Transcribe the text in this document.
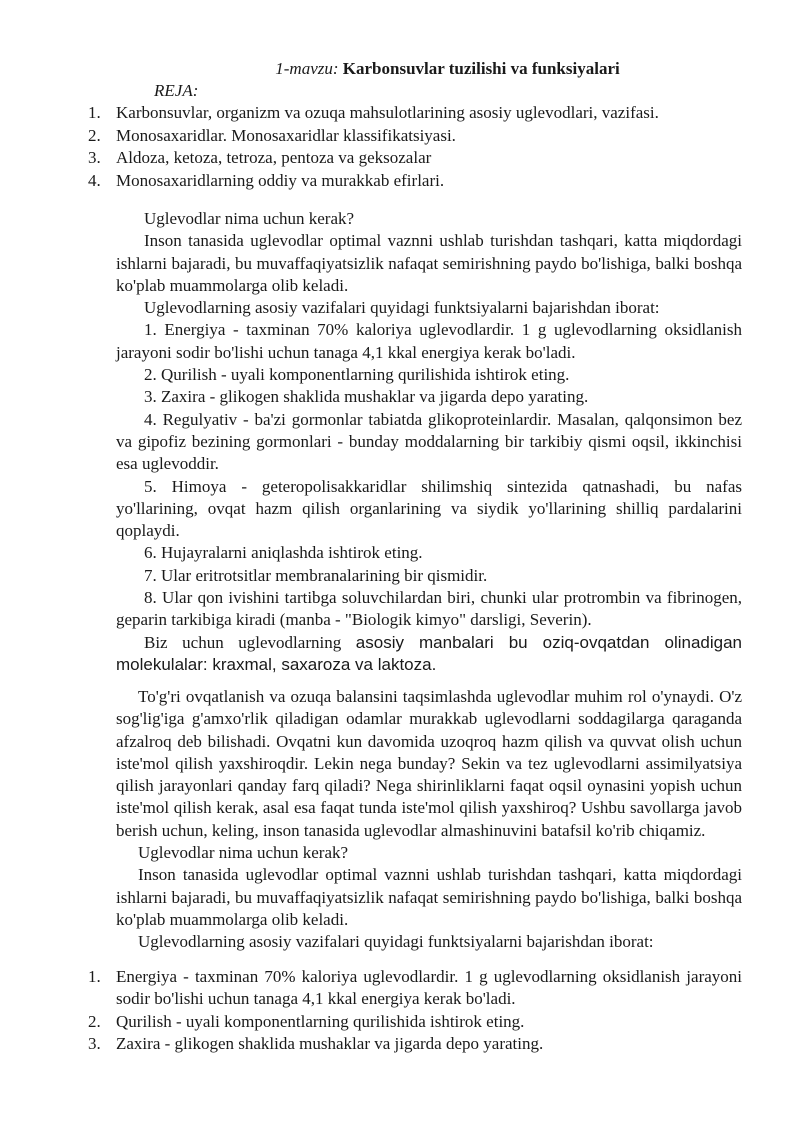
1-mavzu: Karbonsuvlar tuzilishi va funksiyalari
REJA:
1. Karbonsuvlar, organizm va ozuqa mahsulotlarining asosiy uglevodlari, vazifasi.
2. Monosaxaridlar. Monosaxaridlar klassifikatsiyasi.
3. Aldoza, ketoza, tetroza, pentoza va geksozalar
4. Monosaxaridlarning oddiy va murakkab efirlari.

Uglevodlar nima uchun kerak?

Inson tanasida uglevodlar optimal vaznni ushlab turishdan tashqari, katta miqdordagi ishlarni bajaradi, bu muvaffaqiyatsizlik nafaqat semirishning paydo bo'lishiga, balki boshqa ko'plab muammolarga olib keladi.

Uglevodlarning asosiy vazifalari quyidagi funktsiyalarni bajarishdan iborat:

1. Energiya - taxminan 70% kaloriya uglevodlardir. 1 g uglevodlarning oksidlanish jarayoni sodir bo'lishi uchun tanaga 4,1 kkal energiya kerak bo'ladi.

2. Qurilish - uyali komponentlarning qurilishida ishtirok eting.

3. Zaxira - glikogen shaklida mushaklar va jigarda depo yarating.

4. Regulyativ - ba'zi gormonlar tabiatda glikoproteinlardir. Masalan, qalqonsimon bez va gipofiz bezining gormonlari - bunday moddalarning bir tarkibiy qismi oqsil, ikkinchisi esa uglevoddir.

5. Himoya - geteropolisakkaridlar shilimshiq sintezida qatnashadi, bu nafas yo'llarining, ovqat hazm qilish organlarining va siydik yo'llarining shilliq pardalarini qoplaydi.

6. Hujayralarni aniqlashda ishtirok eting.

7. Ular eritrotsitlar membranalarining bir qismidir.

8. Ular qon ivishini tartibga soluvchilardan biri, chunki ular protrombin va fibrinogen, geparin tarkibiga kiradi (manba - "Biologik kimyo" darsligi, Severin).

Biz uchun uglevodlarning asosiy manbalari bu oziq-ovqatdan olinadigan molekulalar: kraxmal, saxaroza va laktoza.

To'g'ri ovqatlanish va ozuqa balansini taqsimlashda uglevodlar muhim rol o'ynaydi. O'z sog'lig'iga g'amxo'rlik qiladigan odamlar murakkab uglevodlarni soddagilarga qaraganda afzalroq deb bilishadi. Ovqatni kun davomida uzoqroq hazm qilish va quvvat olish uchun iste'mol qilish yaxshiroqdir. Lekin nega bunday? Sekin va tez uglevodlarni assimilyatsiya qilish jarayonlari qanday farq qiladi? Nega shirinliklarni faqat oqsil oynasini yopish uchun iste'mol qilish kerak, asal esa faqat tunda iste'mol qilish yaxshiroq? Ushbu savollarga javob berish uchun, keling, inson tanasida uglevodlar almashinuvini batafsil ko'rib chiqamiz.

Uglevodlar nima uchun kerak?

Inson tanasida uglevodlar optimal vaznni ushlab turishdan tashqari, katta miqdordagi ishlarni bajaradi, bu muvaffaqiyatsizlik nafaqat semirishning paydo bo'lishiga, balki boshqa ko'plab muammolarga olib keladi.

Uglevodlarning asosiy vazifalari quyidagi funktsiyalarni bajarishdan iborat:

1. Energiya - taxminan 70% kaloriya uglevodlardir. 1 g uglevodlarning oksidlanish jarayoni sodir bo'lishi uchun tanaga 4,1 kkal energiya kerak bo'ladi.
2. Qurilish - uyali komponentlarning qurilishida ishtirok eting.
3. Zaxira - glikogen shaklida mushaklar va jigarda depo yarating.
